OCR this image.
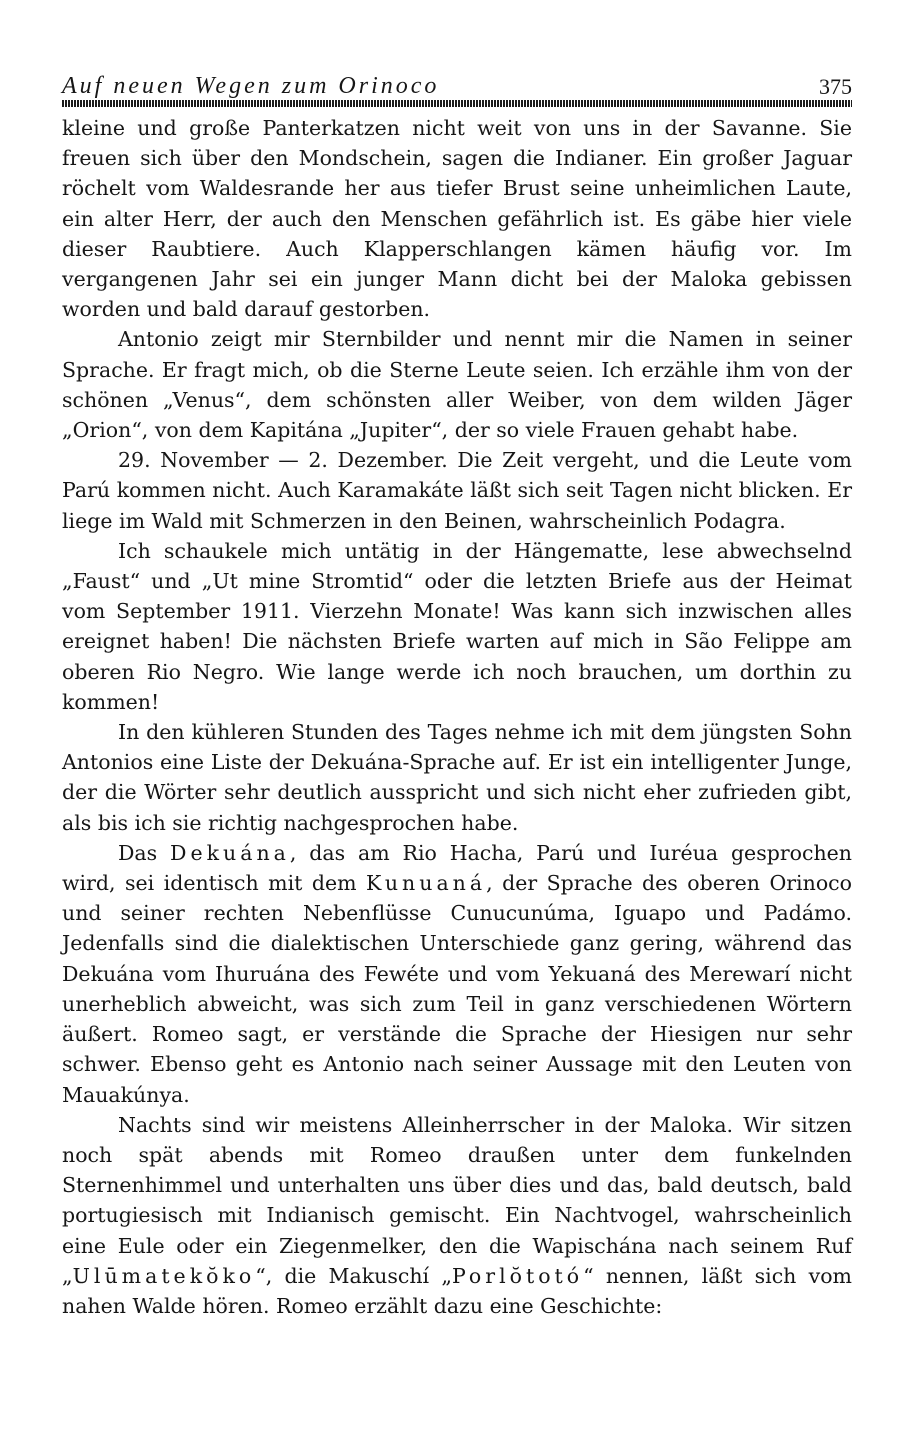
Auf neuen Wegen zum Orinoco	375

kleine und große Panterkatzen nicht weit von uns in der Savanne. Sie freuen sich über den Mondschein, sagen die Indianer. Ein großer Jaguar röchelt vom Waldesrande her aus tiefer Brust seine unheimlichen Laute, ein alter Herr, der auch den Menschen gefährlich ist. Es gäbe hier viele dieser Raubtiere. Auch Klapperschlangen kämen häufig vor. Im vergangenen Jahr sei ein junger Mann dicht bei der Maloka gebissen worden und bald darauf gestorben.

Antonio zeigt mir Sternbilder und nennt mir die Namen in seiner Sprache. Er fragt mich, ob die Sterne Leute seien. Ich erzähle ihm von der schönen „Venus“, dem schönsten aller Weiber, von dem wilden Jäger „Orion“, von dem Kapitána „Jupiter“, der so viele Frauen gehabt habe.

29. November — 2. Dezember. Die Zeit vergeht, und die Leute vom Parú kommen nicht. Auch Karamakáte läßt sich seit Tagen nicht blicken. Er liege im Wald mit Schmerzen in den Beinen, wahrscheinlich Podagra.

Ich schaukele mich untätig in der Hängematte, lese abwechselnd „Faust“ und „Ut mine Stromtid“ oder die letzten Briefe aus der Heimat vom September 1911. Vierzehn Monate! Was kann sich inzwischen alles ereignet haben! Die nächsten Briefe warten auf mich in São Felippe am oberen Rio Negro. Wie lange werde ich noch brauchen, um dorthin zu kommen!

In den kühleren Stunden des Tages nehme ich mit dem jüngsten Sohn Antonios eine Liste der Dekuána-Sprache auf. Er ist ein intelligenter Junge, der die Wörter sehr deutlich ausspricht und sich nicht eher zufrieden gibt, als bis ich sie richtig nachgesprochen habe.

Das Dekuána, das am Rio Hacha, Parú und Iuréua gesprochen wird, sei identisch mit dem Kunuaná, der Sprache des oberen Orinoco und seiner rechten Nebenflüsse Cunucunúma, Iguapo und Padámo. Jedenfalls sind die dialektischen Unterschiede ganz gering, während das Dekuána vom Ihuruána des Fewéte und vom Yekuaná des Merewarí nicht unerheblich abweicht, was sich zum Teil in ganz verschiedenen Wörtern äußert. Romeo sagt, er verstände die Sprache der Hiesigen nur sehr schwer. Ebenso geht es Antonio nach seiner Aussage mit den Leuten von Mauakúnya.

Nachts sind wir meistens Alleinherrscher in der Maloka. Wir sitzen noch spät abends mit Romeo draußen unter dem funkelnden Sternenhimmel und unterhalten uns über dies und das, bald deutsch, bald portugiesisch mit Indianisch gemischt. Ein Nachtvogel, wahrscheinlich eine Eule oder ein Ziegenmelker, den die Wapischána nach seinem Ruf „Ulūmatekŏko“, die Makuschí „Porlŏtotó“ nennen, läßt sich vom nahen Walde hören. Romeo erzählt dazu eine Geschichte:
